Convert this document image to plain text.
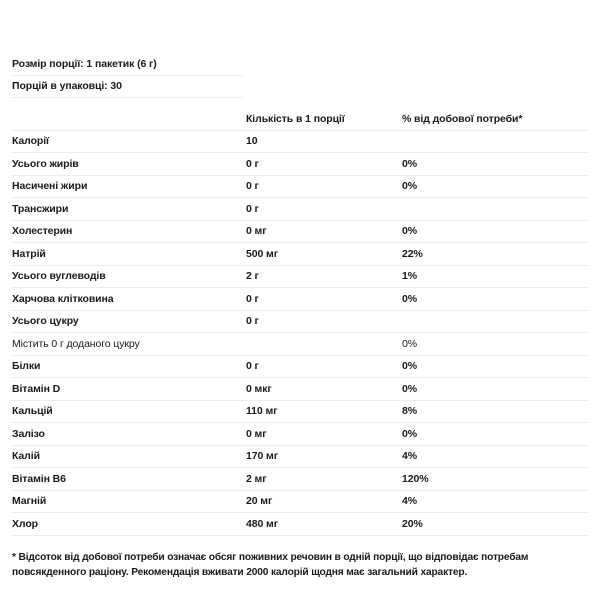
Розмір порції: 1 пакетик (6 г)
Порцій в упаковці: 30
	Кількість в 1 порції	% від добової потреби*
Калорії	10	
Усього жирів	0 г	0%
Насичені жири	0 г	0%
Трансжири	0 г	
Холестерин	0 мг	0%
Натрій	500 мг	22%
Усього вуглеводів	2 г	1%
Харчова клітковина	0 г	0%
Усього цукру	0 г	
Містить 0 г доданого цукру		0%
Білки	0 г	0%
Вітамін D	0 мкг	0%
Кальцій	110 мг	8%
Залізо	0 мг	0%
Калій	170 мг	4%
Вітамін B6	2 мг	120%
Магній	20 мг	4%
Хлор	480 мг	20%
* Відсоток від добової потреби означає обсяг поживних речовин в одній порції, що відповідає потребам повсякденного раціону. Рекомендація вживати 2000 калорій щодня має загальний характер.
